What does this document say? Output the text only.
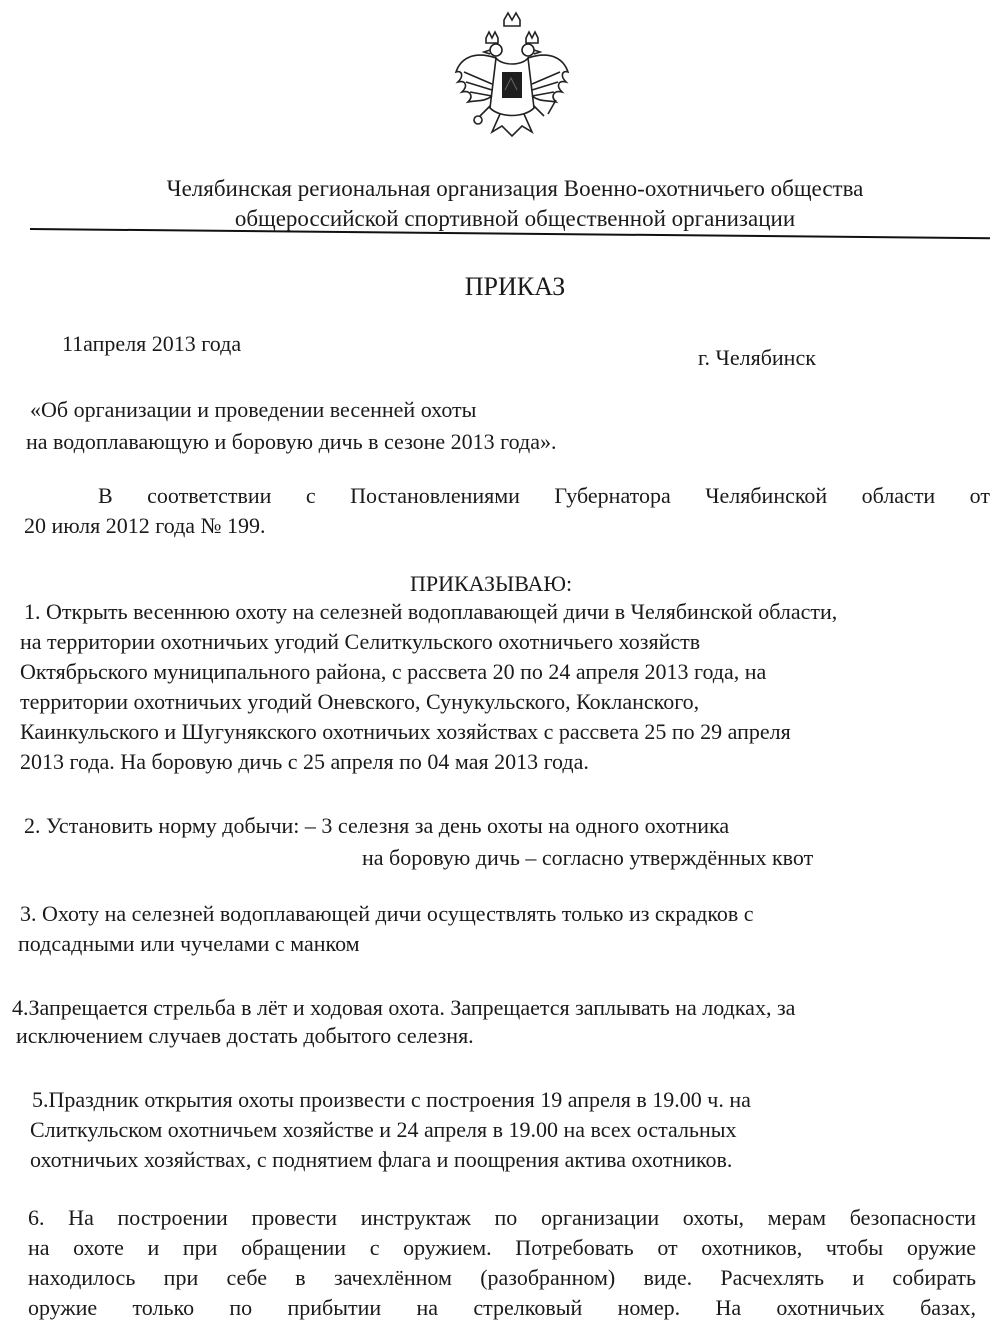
Челябинская региональная организация Военно-охотничьего общества
общероссийской спортивной общественной организации
ПРИКАЗ
11апреля 2013 года
г. Челябинск
«Об организации и проведении весенней охоты
на водоплавающую и боровую дичь в сезоне 2013 года».
В соответствии с Постановлениями Губернатора Челябинской области от
20 июля 2012 года № 199.
ПРИКАЗЫВАЮ:
1. Открыть весеннюю охоту на селезней водоплавающей дичи в Челябинской области,
на территории охотничьих угодий Селиткульского охотничьего хозяйств
Октябрьского муниципального района, с рассвета 20 по 24 апреля 2013 года, на
территории охотничьих угодий Оневского, Сунукульского, Кокланского,
Каинкульского и Шугунякского охотничьих хозяйствах с рассвета 25 по 29 апреля
2013 года. На боровую дичь с 25 апреля по 04 мая 2013 года.
2. Установить норму добычи: – 3 селезня за день охоты на одного охотника
на боровую дичь – согласно утверждённых квот
3. Охоту на селезней водоплавающей дичи осуществлять только из скрадков с
подсадными или чучелами с манком
4.Запрещается стрельба в лёт и ходовая охота. Запрещается заплывать на лодках, за
исключением случаев достать добытого селезня.
5.Праздник открытия охоты произвести с построения 19 апреля в 19.00 ч. на
Слиткульском охотничьем хозяйстве и 24 апреля в 19.00 на всех остальных
охотничьих хозяйствах, с поднятием флага и поощрения актива охотников.
6. На построении провести инструктаж по организации охоты, мерам безопасности
на охоте и при обращении с оружием. Потребовать от охотников, чтобы оружие
находилось при себе в зачехлённом (разобранном) виде. Расчехлять и собирать
оружие только по прибытии на стрелковый номер. На охотничьих базах,
